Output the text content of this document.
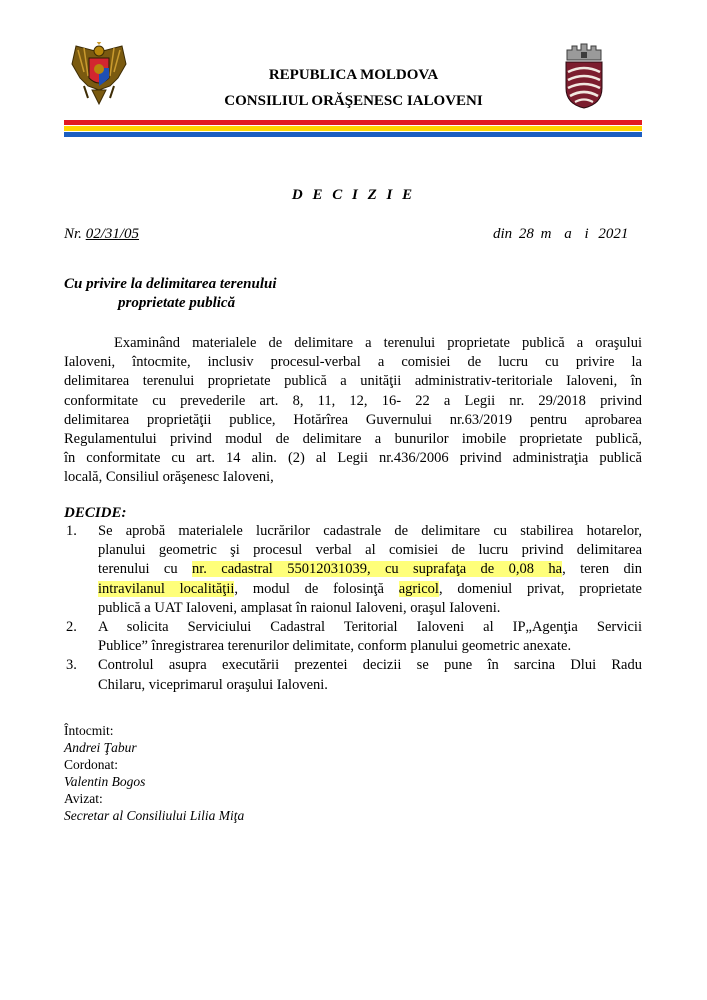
REPUBLICA MOLDOVA
CONSILIUL ORĂŞENESC IALOVENI
D E C I Z I E
Nr. 02/31/05	din 28 m a i 2021
Cu privire la delimitarea terenului
proprietate publică
Examinând materialele de delimitare a terenului proprietate publică a oraşului
Ialoveni, întocmite, inclusiv procesul-verbal a comisiei de lucru cu privire la
delimitarea terenului proprietate publică a unităţii administrativ-teritoriale Ialoveni, în
conformitate cu prevederile art. 8, 11, 12, 16- 22 a Legii nr. 29/2018 privind
delimitarea proprietăţii publice, Hotărîrea Guvernului nr.63/2019 pentru aprobarea
Regulamentului privind modul de delimitare a bunurilor imobile proprietate publică,
în conformitate cu art. 14 alin. (2) al Legii nr.436/2006 privind administraţia publică
locală, Consiliul orăşenesc Ialoveni,
DECIDE:
1. Se aprobă materialele lucrărilor cadastrale de delimitare cu stabilirea hotarelor,
planului geometric şi procesul verbal al comisiei de lucru privind delimitarea
terenului cu nr. cadastral 55012031039, cu suprafaţa de 0,08 ha, teren din
intravilanul localităţii, modul de folosinţă agricol, domeniul privat, proprietate
publică a UAT Ialoveni, amplasat în raionul Ialoveni, oraşul Ialoveni.
2. A solicita Serviciului Cadastral Teritorial Ialoveni al IP„Agenţia Servicii
Publice” înregistrarea terenurilor delimitate, conform planului geometric anexate.
3. Controlul asupra executării prezentei decizii se pune în sarcina Dlui Radu
Chilaru, viceprimarul oraşului Ialoveni.
Întocmit:
Andrei Ţabur
Cordonat:
Valentin Bogos
Avizat:
Secretar al Consiliului Lilia Miţa
